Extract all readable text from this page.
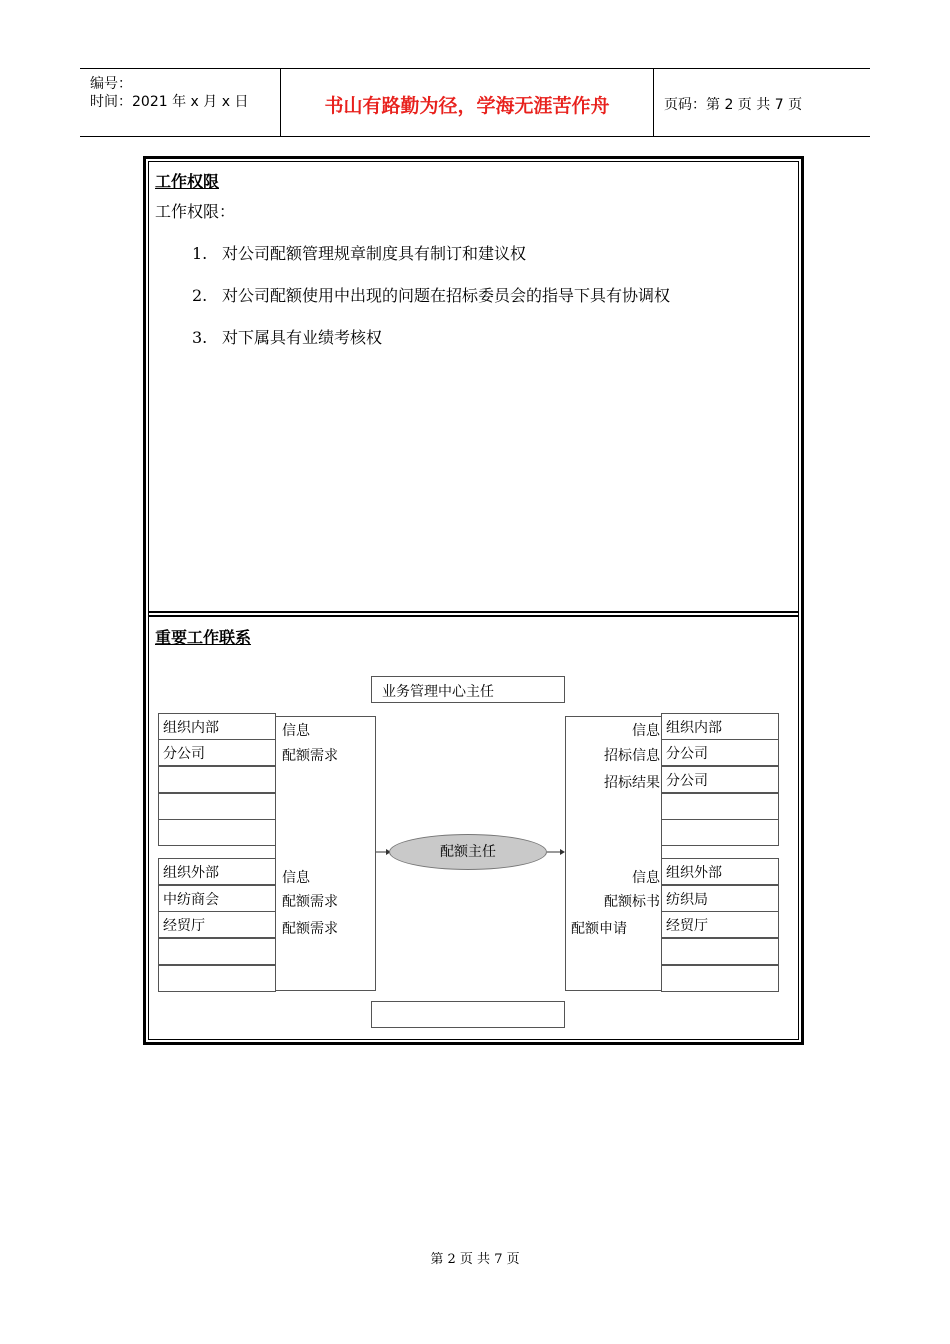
编号：
时间：2021 年 x 月 x 日	书山有路勤为径，学海无涯苦作舟	页码：第 2 页 共 7 页
工作权限
工作权限：
1. 对公司配额管理规章制度具有制订和建议权
2. 对公司配额使用中出现的问题在招标委员会的指导下具有协调权
3. 对下属具有业绩考核权
重要工作联系
业务管理中心主任
组织内部
分公司
信息
配额需求
组织外部
中纺商会
经贸厅
信息
配额需求
配额需求
组织内部
分公司
分公司
信息
招标信息
招标结果
组织外部
纺织局
经贸厅
信息
配额标书
配额申请
配额主任
第 2 页 共 7 页
